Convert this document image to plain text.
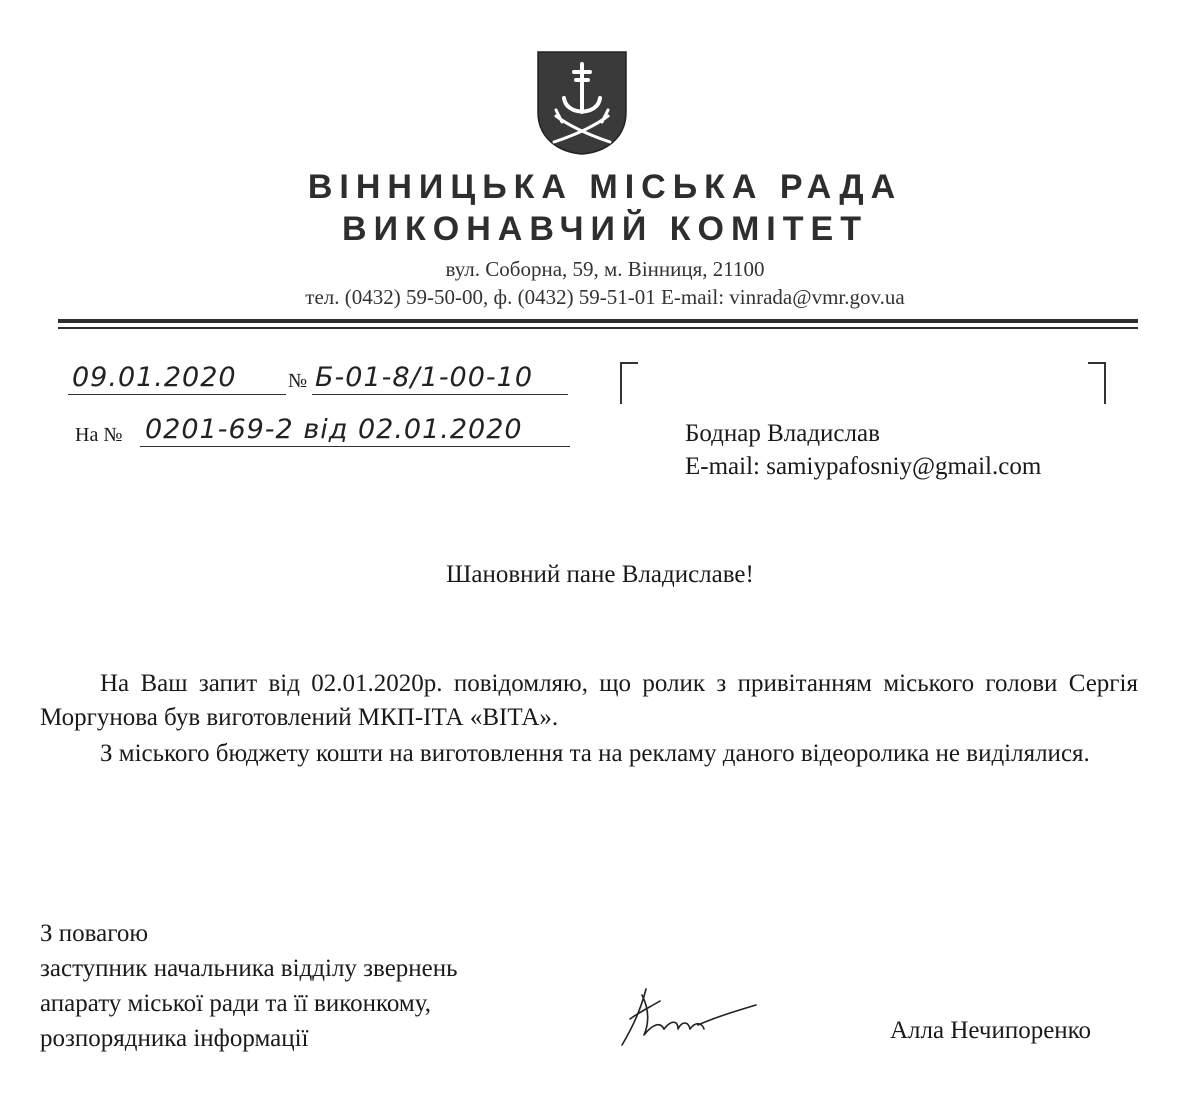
ВІННИЦЬКА МІСЬКА РАДА
ВИКОНАВЧИЙ КОМІТЕТ
вул. Соборна, 59, м. Вінниця, 21100
тел. (0432) 59-50-00, ф. (0432) 59-51-01 E-mail: vinrada@vmr.gov.ua
09.01.2020	№ Б-01-8/1-00-10
На № 0201-69-2 від 02.01.2020	Боднар Владислав
E-mail: samiypafosniy@gmail.com
Шановний пане Владиславе!
На Ваш запит від 02.01.2020р. повідомляю, що ролик з привітанням міського голови Сергія Моргунова був виготовлений МКП-ІТА «ВІТА».
З міського бюджету кошти на виготовлення та на рекламу даного відеоролика не виділялися.
З повагою
заступник начальника відділу звернень
апарату міської ради та її виконкому,
розпорядника інформації	Алла Нечипоренко
